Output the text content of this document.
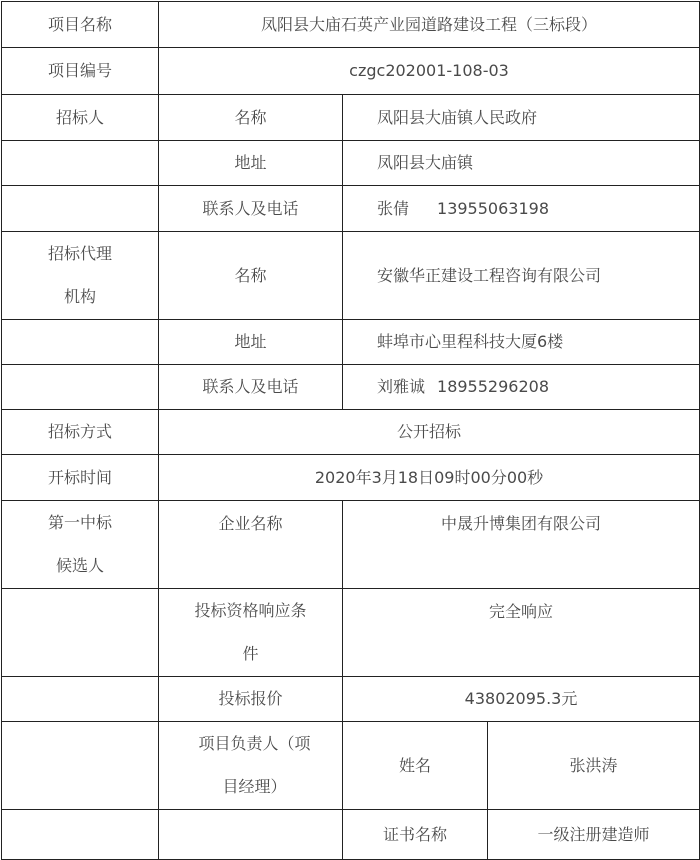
项目名称	凤阳县大庙石英产业园道路建设工程（三标段）		
项目编号	czgc202001-108-03		
招标人	名称	凤阳县大庙镇人民政府	
	地址	凤阳县大庙镇	
	联系人及电话	张倩 13955063198	
招标代理机构	名称	安徽华正建设工程咨询有限公司	
	地址	蚌埠市心里程科技大厦6楼	
	联系人及电话	刘雅诚 18955296208	
招标方式	公开招标		
开标时间	2020年3月18日09时00分00秒		
第一中标候选人	企业名称	中晟升博集团有限公司	
	投标资格响应条件	完全响应	
	投标报价	43802095.3元	
	项目负责人（项目经理）	姓名	张洪涛
		证书名称	一级注册建造师
